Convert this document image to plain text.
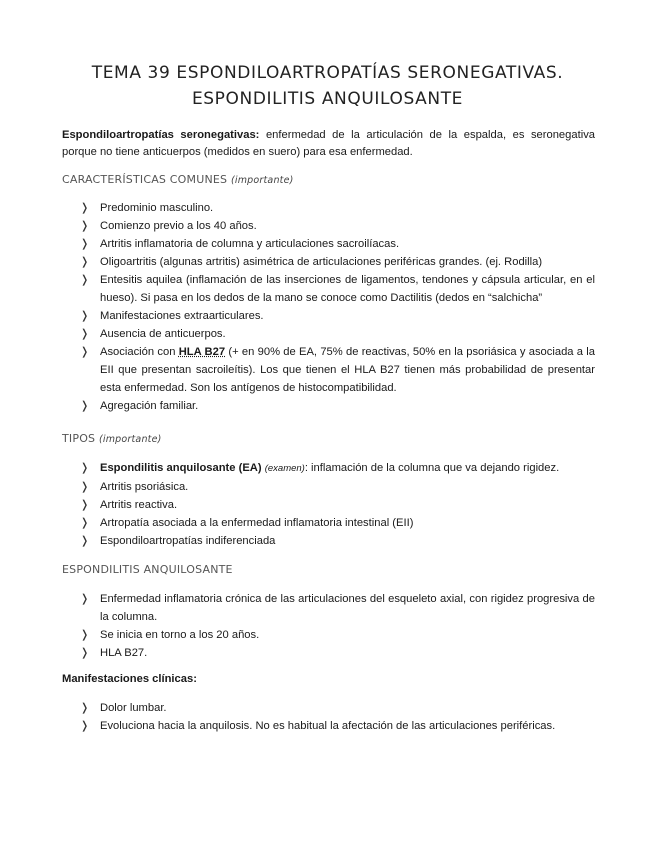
TEMA 39 ESPONDILOARTROPATÍAS SERONEGATIVAS. ESPONDILITIS ANQUILOSANTE
Espondiloartropatías seronegativas: enfermedad de la articulación de la espalda, es seronegativa porque no tiene anticuerpos (medidos en suero) para esa enfermedad.
CARACTERÍSTICAS COMUNES (importante)
❭ Predominio masculino.
❭ Comienzo previo a los 40 años.
❭ Artritis inflamatoria de columna y articulaciones sacroilíacas.
❭ Oligoartritis (algunas artritis) asimétrica de articulaciones periféricas grandes. (ej. Rodilla)
❭ Entesitis aquilea (inflamación de las inserciones de ligamentos, tendones y cápsula articular, en el hueso). Si pasa en los dedos de la mano se conoce como Dactilitis (dedos en “salchicha”
❭ Manifestaciones extraarticulares.
❭ Ausencia de anticuerpos.
❭ Asociación con HLA B27 (+ en 90% de EA, 75% de reactivas, 50% en la psoriásica y asociada a la EII que presentan sacroileítis). Los que tienen el HLA B27 tienen más probabilidad de presentar esta enfermedad. Son los antígenos de histocompatibilidad.
❭ Agregación familiar.
TIPOS (importante)
❭ Espondilitis anquilosante (EA) (examen): inflamación de la columna que va dejando rigidez.
❭ Artritis psoriásica.
❭ Artritis reactiva.
❭ Artropatía asociada a la enfermedad inflamatoria intestinal (EII)
❭ Espondiloartropatías indiferenciada
ESPONDILITIS ANQUILOSANTE
❭ Enfermedad inflamatoria crónica de las articulaciones del esqueleto axial, con rigidez progresiva de la columna.
❭ Se inicia en torno a los 20 años.
❭ HLA B27.
Manifestaciones clínicas:
❭ Dolor lumbar.
❭ Evoluciona hacia la anquilosis. No es habitual la afectación de las articulaciones periféricas.
